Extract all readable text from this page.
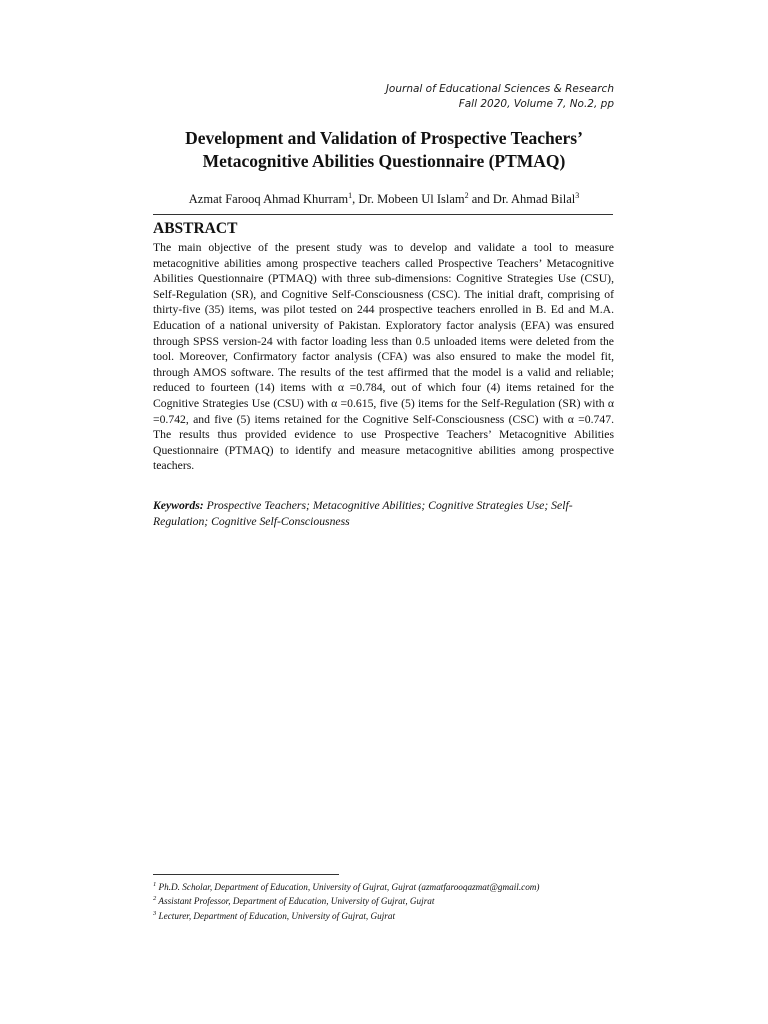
Journal of Educational Sciences & Research
Fall 2020, Volume 7, No.2, pp
Development and Validation of Prospective Teachers’
Metacognitive Abilities Questionnaire (PTMAQ)
Azmat Farooq Ahmad Khurram$^1$, Dr. Mobeen Ul Islam$^2$ and Dr. Ahmad Bilal$^3$
ABSTRACT

The main objective of the present study was to develop and validate a tool to measure metacognitive abilities among prospective teachers called Prospective Teachers’ Metacognitive Abilities Questionnaire (PTMAQ) with three sub-dimensions: Cognitive Strategies Use (CSU), Self-Regulation (SR), and Cognitive Self-Consciousness (CSC). The initial draft, comprising of thirty-five (35) items, was pilot tested on 244 prospective teachers enrolled in B. Ed and M.A. Education of a national university of Pakistan. Exploratory factor analysis (EFA) was ensured through SPSS version-24 with factor loading less than 0.5 unloaded items were deleted from the tool. Moreover, Confirmatory factor analysis (CFA) was also ensured to make the model fit, through AMOS software. The results of the test affirmed that the model is a valid and reliable; reduced to fourteen (14) items with α =0.784, out of which four (4) items retained for the Cognitive Strategies Use (CSU) with α =0.615, five (5) items for the Self-Regulation (SR) with α =0.742, and five (5) items retained for the Cognitive Self-Consciousness (CSC) with α =0.747. The results thus provided evidence to use Prospective Teachers’ Metacognitive Abilities Questionnaire (PTMAQ) to identify and measure metacognitive abilities among prospective teachers.

Keywords: Prospective Teachers; Metacognitive Abilities; Cognitive Strategies Use; Self-Regulation; Cognitive Self-Consciousness
$^1$ Ph.D. Scholar, Department of Education, University of Gujrat, Gujrat (azmatfarooqazmat@gmail.com)
$^2$ Assistant Professor, Department of Education, University of Gujrat, Gujrat
$^3$ Lecturer, Department of Education, University of Gujrat, Gujrat
